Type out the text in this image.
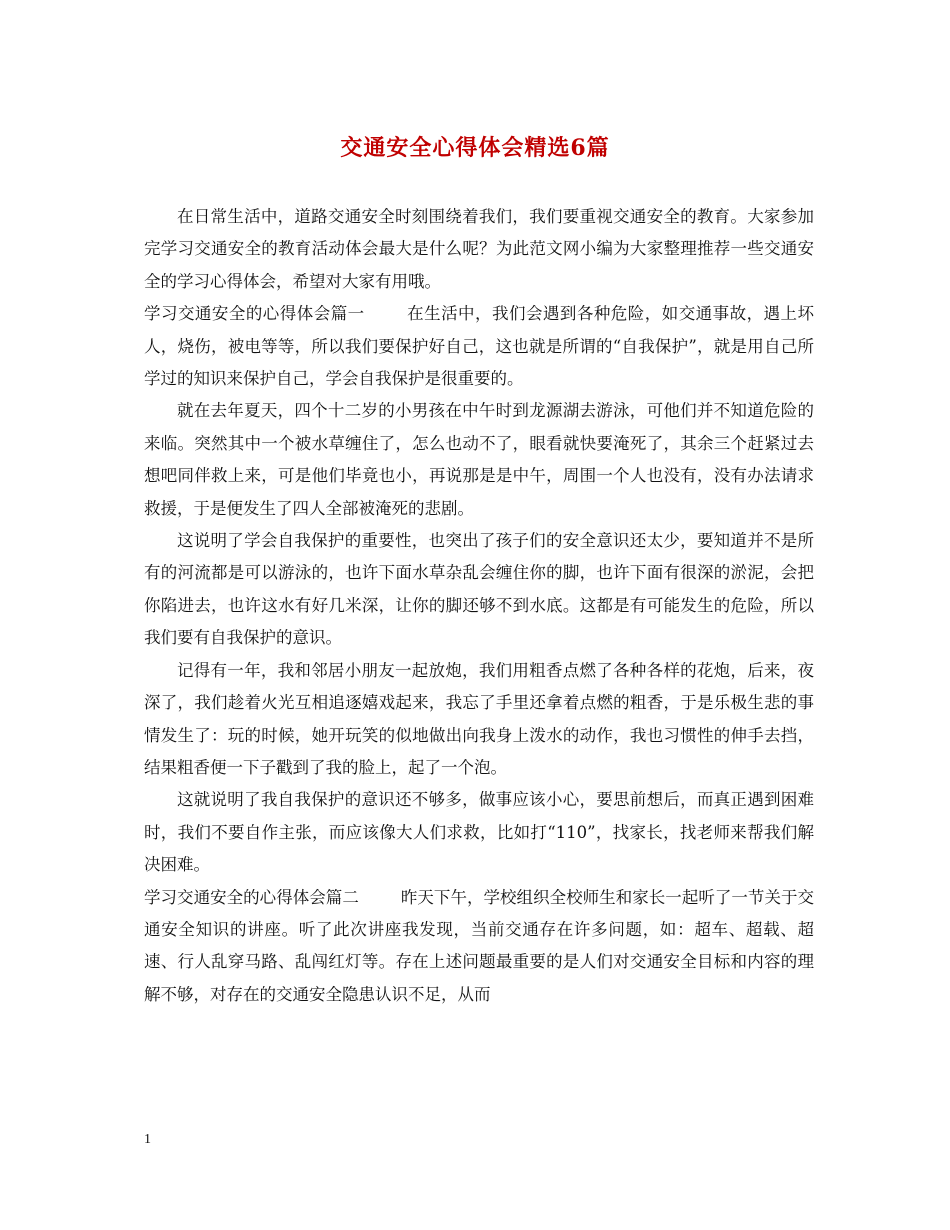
交通安全心得体会精选6篇

在日常生活中，道路交通安全时刻围绕着我们，我们要重视交通安全的教育。大家参加完学习交通安全的教育活动体会最大是什么呢？为此范文网小编为大家整理推荐一些交通安全的学习心得体会，希望对大家有用哦。

学习交通安全的心得体会篇一	在生活中，我们会遇到各种危险，如交通事故，遇上坏人，烧伤，被电等等，所以我们要保护好自己，这也就是所谓的“自我保护”，就是用自己所学过的知识来保护自己，学会自我保护是很重要的。

就在去年夏天，四个十二岁的小男孩在中午时到龙源湖去游泳，可他们并不知道危险的来临。突然其中一个被水草缠住了，怎么也动不了，眼看就快要淹死了，其余三个赶紧过去想吧同伴救上来，可是他们毕竟也小，再说那是是中午，周围一个人也没有，没有办法请求救援，于是便发生了四人全部被淹死的悲剧。

这说明了学会自我保护的重要性，也突出了孩子们的安全意识还太少，要知道并不是所有的河流都是可以游泳的，也许下面水草杂乱会缠住你的脚，也许下面有很深的淤泥，会把你陷进去，也许这水有好几米深，让你的脚还够不到水底。这都是有可能发生的危险，所以我们要有自我保护的意识。

记得有一年，我和邻居小朋友一起放炮，我们用粗香点燃了各种各样的花炮，后来，夜深了，我们趁着火光互相追逐嬉戏起来，我忘了手里还拿着点燃的粗香，于是乐极生悲的事情发生了：玩的时候，她开玩笑的似地做出向我身上泼水的动作，我也习惯性的伸手去挡，结果粗香便一下子戳到了我的脸上，起了一个泡。

这就说明了我自我保护的意识还不够多，做事应该小心，要思前想后，而真正遇到困难时，我们不要自作主张，而应该像大人们求救，比如打“110”，找家长，找老师来帮我们解决困难。

学习交通安全的心得体会篇二	昨天下午，学校组织全校师生和家长一起听了一节关于交通安全知识的讲座。听了此次讲座我发现，当前交通存在许多问题，如：超车、超载、超速、行人乱穿马路、乱闯红灯等。存在上述问题最重要的是人们对交通安全目标和内容的理解不够，对存在的交通安全隐患认识不足，从而

1
